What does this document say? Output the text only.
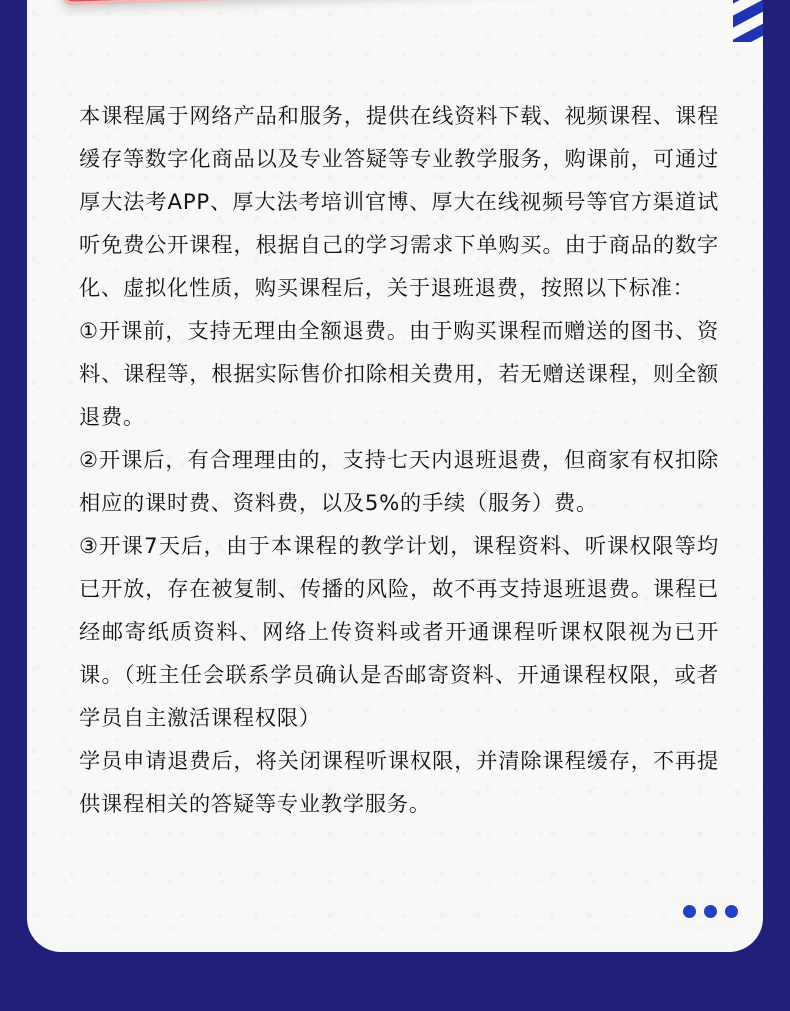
本课程属于网络产品和服务，提供在线资料下载、视频课程、课程缓存等数字化商品以及专业答疑等专业教学服务，购课前，可通过厚大法考APP、厚大法考培训官博、厚大在线视频号等官方渠道试听免费公开课程，根据自己的学习需求下单购买。由于商品的数字化、虚拟化性质，购买课程后，关于退班退费，按照以下标准：

①开课前，支持无理由全额退费。由于购买课程而赠送的图书、资料、课程等，根据实际售价扣除相关费用，若无赠送课程，则全额退费。

②开课后，有合理理由的，支持七天内退班退费，但商家有权扣除相应的课时费、资料费，以及5%的手续（服务）费。

③开课7天后，由于本课程的教学计划，课程资料、听课权限等均已开放，存在被复制、传播的风险，故不再支持退班退费。课程已经邮寄纸质资料、网络上传资料或者开通课程听课权限视为已开课。（班主任会联系学员确认是否邮寄资料、开通课程权限，或者学员自主激活课程权限）

学员申请退费后，将关闭课程听课权限，并清除课程缓存，不再提供课程相关的答疑等专业教学服务。
